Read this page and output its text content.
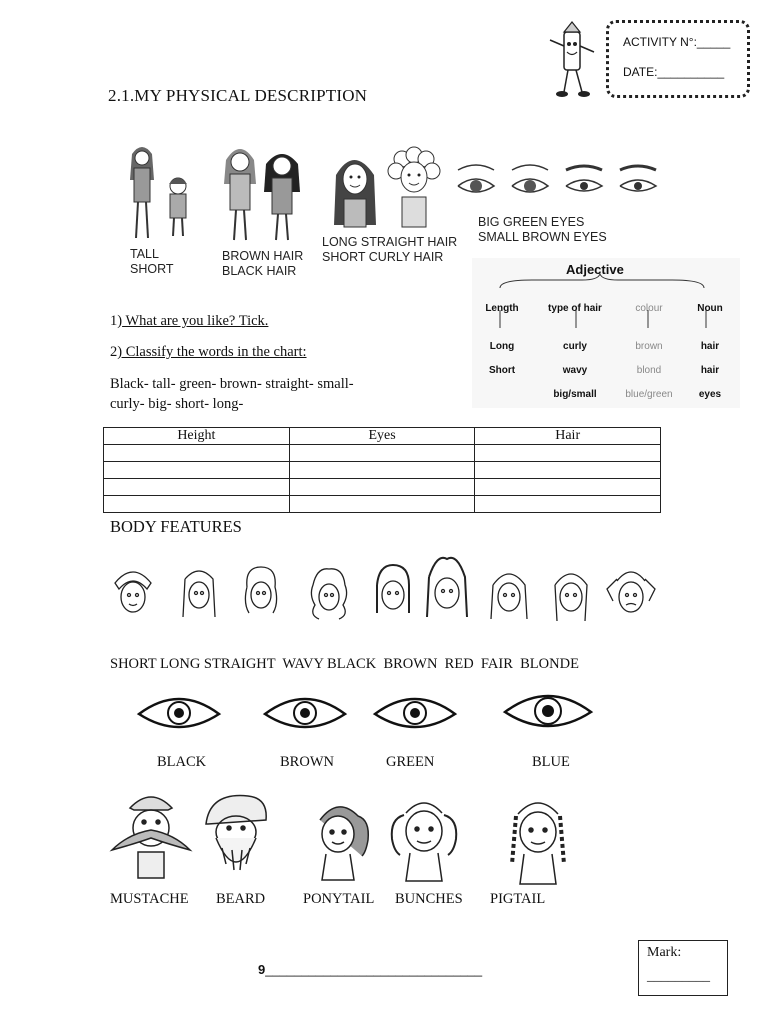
ACTIVITY N°:_____
DATE:__________
2.1.MY PHYSICAL DESCRIPTION
TALL
SHORT
BROWN HAIR
BLACK HAIR
LONG STRAIGHT HAIR
SHORT CURLY HAIR
BIG GREEN EYES
SMALL BROWN EYES
Adjective
Length	type of hair	colour	Noun

Long	curly	brown	hair
Short	wavy	blond	hair
	big/small	blue/green	eyes
1) What are you like? Tick.
2) Classify the words in the chart:
Black- tall- green- brown- straight- small-
curly- big- short- long-
Height	Eyes	Hair

BODY FEATURES
SHORT LONG STRAIGHT  WAVY BLACK  BROWN  RED  FAIR  BLONDE
BLACK	BROWN	GREEN	BLUE
MUSTACHE BEARD	PONYTAIL BUNCHES PIGTAIL
9______________________________
Mark:
_________
